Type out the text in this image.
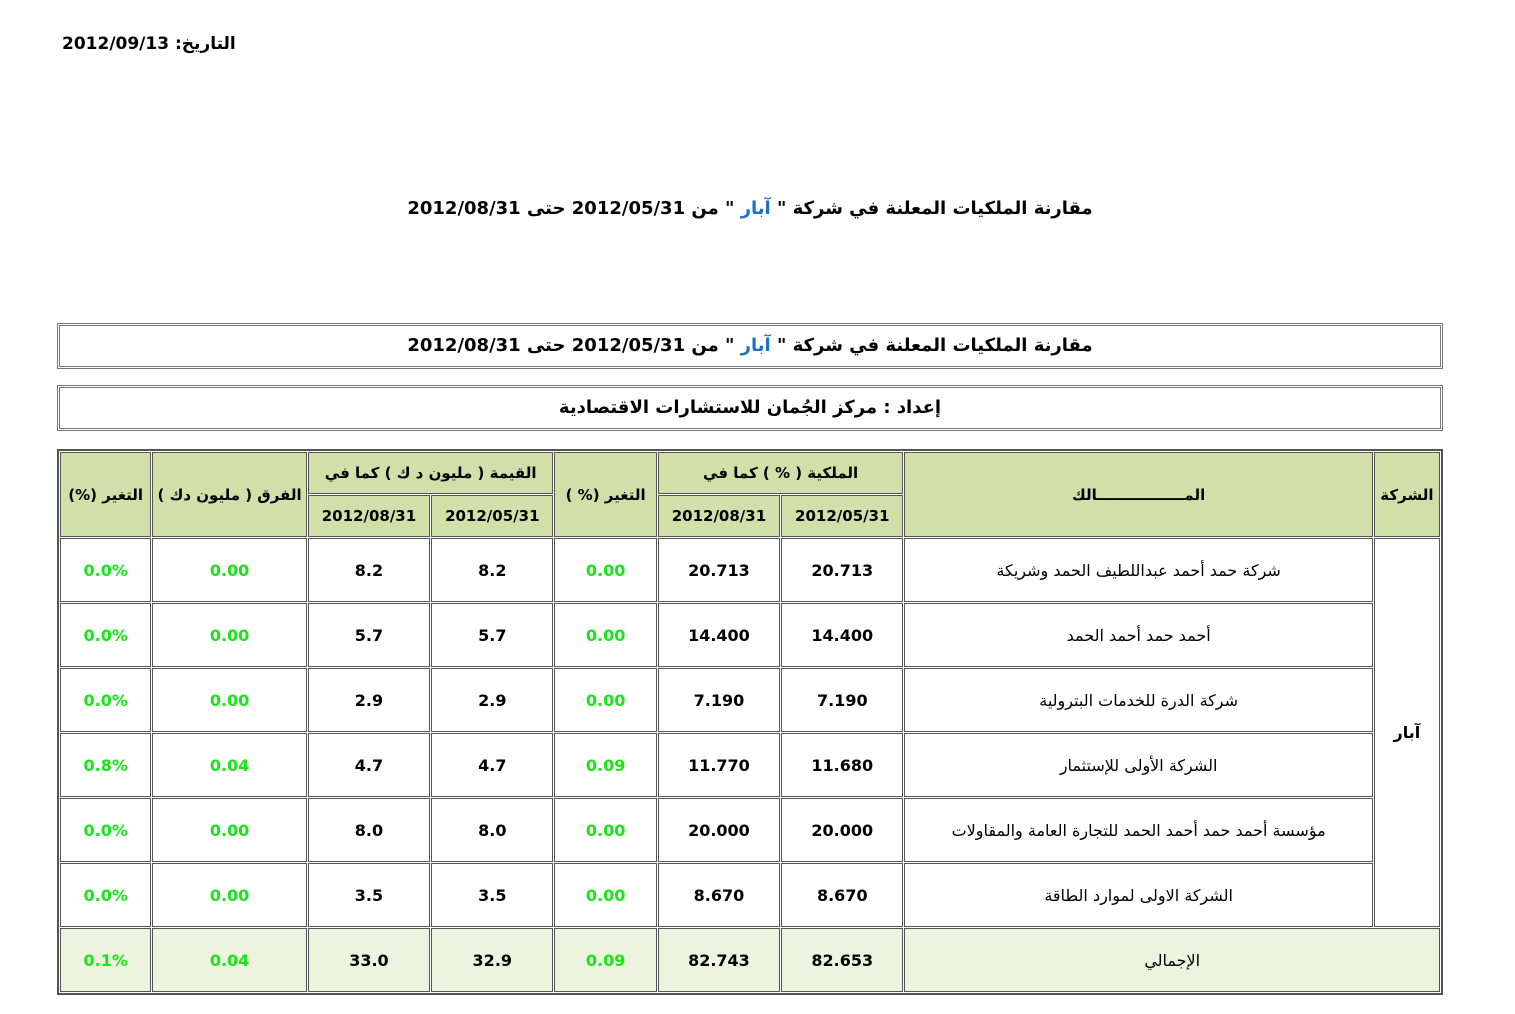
التاريخ: 2012/09/13
مقارنة الملكيات المعلنة في شركة " آبار " من 2012/05/31 حتى 2012/08/31
مقارنة الملكيات المعلنة في شركة " آبار " من 2012/05/31 حتى 2012/08/31
إعداد : مركز الجُمان للاستشارات الاقتصادية
الشركة	المـــــــــــــــــالك	الملكية ( % ) كما في		التغير (% )	القيمة ( مليون د ك ) كما في		الفرق ( مليون دك )	التغير (%)
		2012/05/31	2012/08/31		2012/05/31	2012/08/31		
آبار	شركة حمد أحمد عبداللطيف الحمد وشريكة	20.713	20.713	0.00	8.2	8.2	0.00	0.0%
	أحمد حمد أحمد الحمد	14.400	14.400	0.00	5.7	5.7	0.00	0.0%
	شركة الدرة للخدمات البترولية	7.190	7.190	0.00	2.9	2.9	0.00	0.0%
	الشركة الأولى للإستثمار	11.680	11.770	0.09	4.7	4.7	0.04	0.8%
	مؤسسة أحمد حمد أحمد الحمد للتجارة العامة والمقاولات	20.000	20.000	0.00	8.0	8.0	0.00	0.0%
	الشركة الاولى لموارد الطاقة	8.670	8.670	0.00	3.5	3.5	0.00	0.0%
الإجمالي		82.653	82.743	0.09	32.9	33.0	0.04	0.1%
